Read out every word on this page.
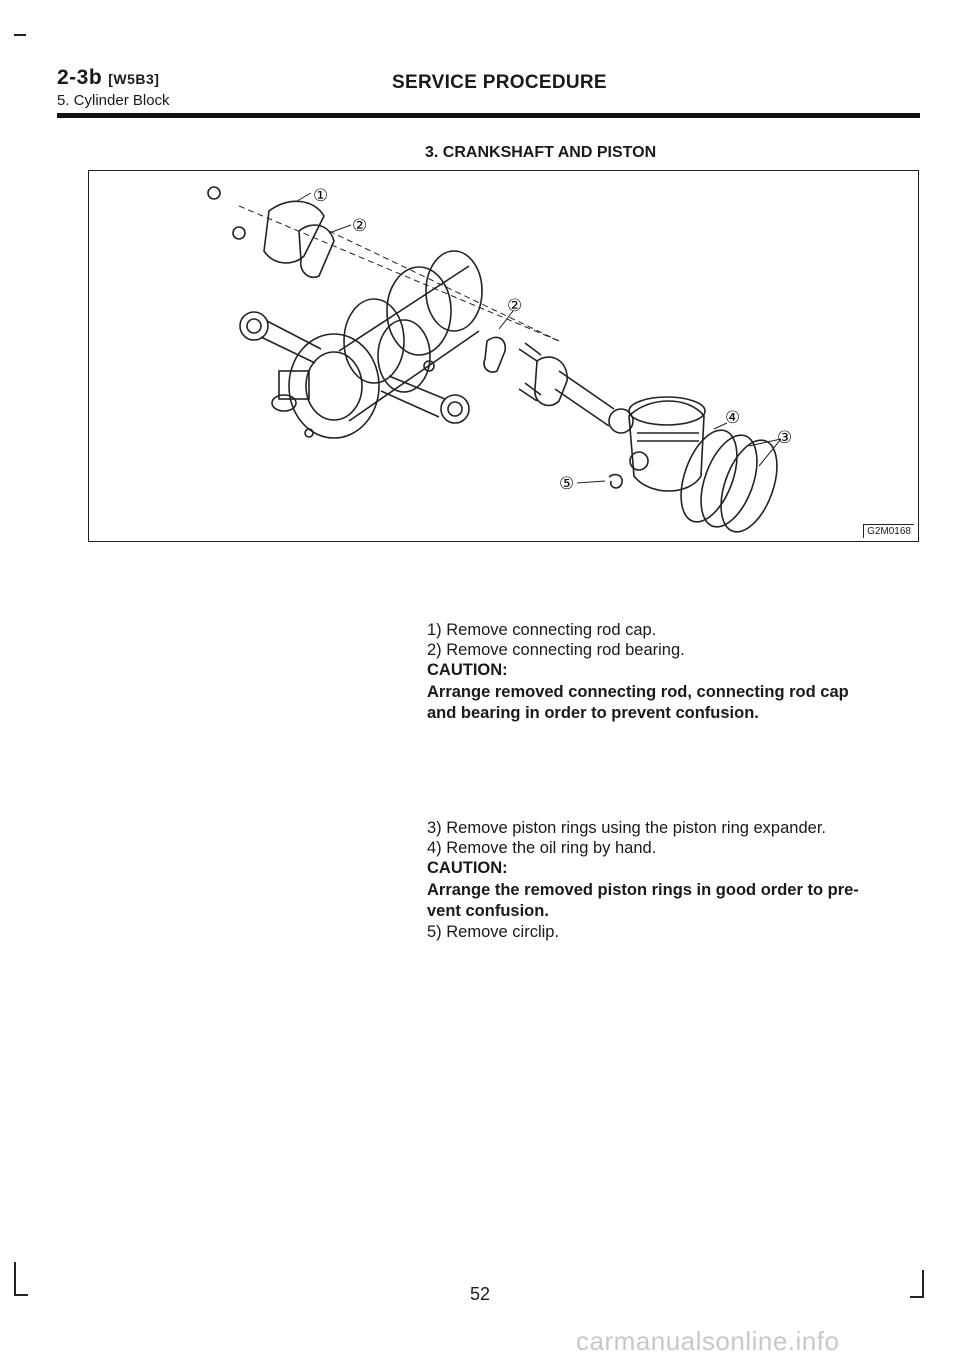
2-3b [W5B3]
5. Cylinder Block
SERVICE PROCEDURE
3. CRANKSHAFT AND PISTON
①
②
②
④
③
⑤
G2M0168
1) Remove connecting rod cap.
2) Remove connecting rod bearing.
CAUTION:
Arrange removed connecting rod, connecting rod cap
and bearing in order to prevent confusion.
3) Remove piston rings using the piston ring expander.
4) Remove the oil ring by hand.
CAUTION:
Arrange the removed piston rings in good order to pre-
vent confusion.
5) Remove circlip.
52
carmanualsonline.info
